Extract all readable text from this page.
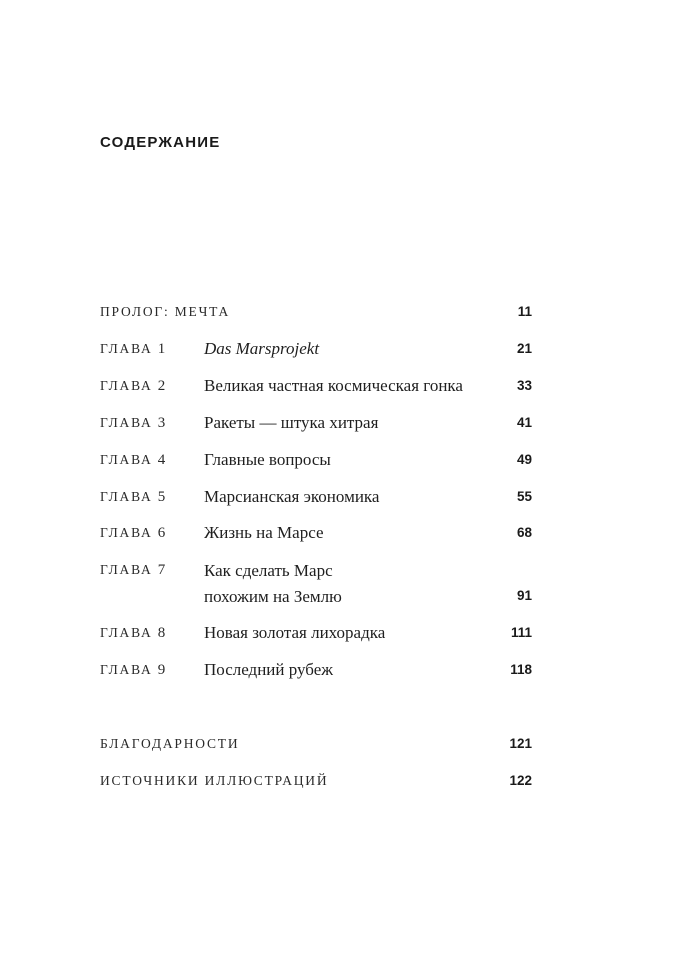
СОДЕРЖАНИЕ
ПРОЛОГ: МЕЧТА	11
ГЛАВА 1 Das Marsprojekt	21
ГЛАВА 2 Великая частная космическая гонка	33
ГЛАВА 3 Ракеты — штука хитрая	41
ГЛАВА 4 Главные вопросы	49
ГЛАВА 5 Марсианская экономика	55
ГЛАВА 6 Жизнь на Марсе	68
ГЛАВА 7 Как сделать Марс
похожим на Землю	91
ГЛАВА 8 Новая золотая лихорадка	111
ГЛАВА 9 Последний рубеж	118
БЛАГОДАРНОСТИ	121
ИСТОЧНИКИ ИЛЛЮСТРАЦИЙ	122
